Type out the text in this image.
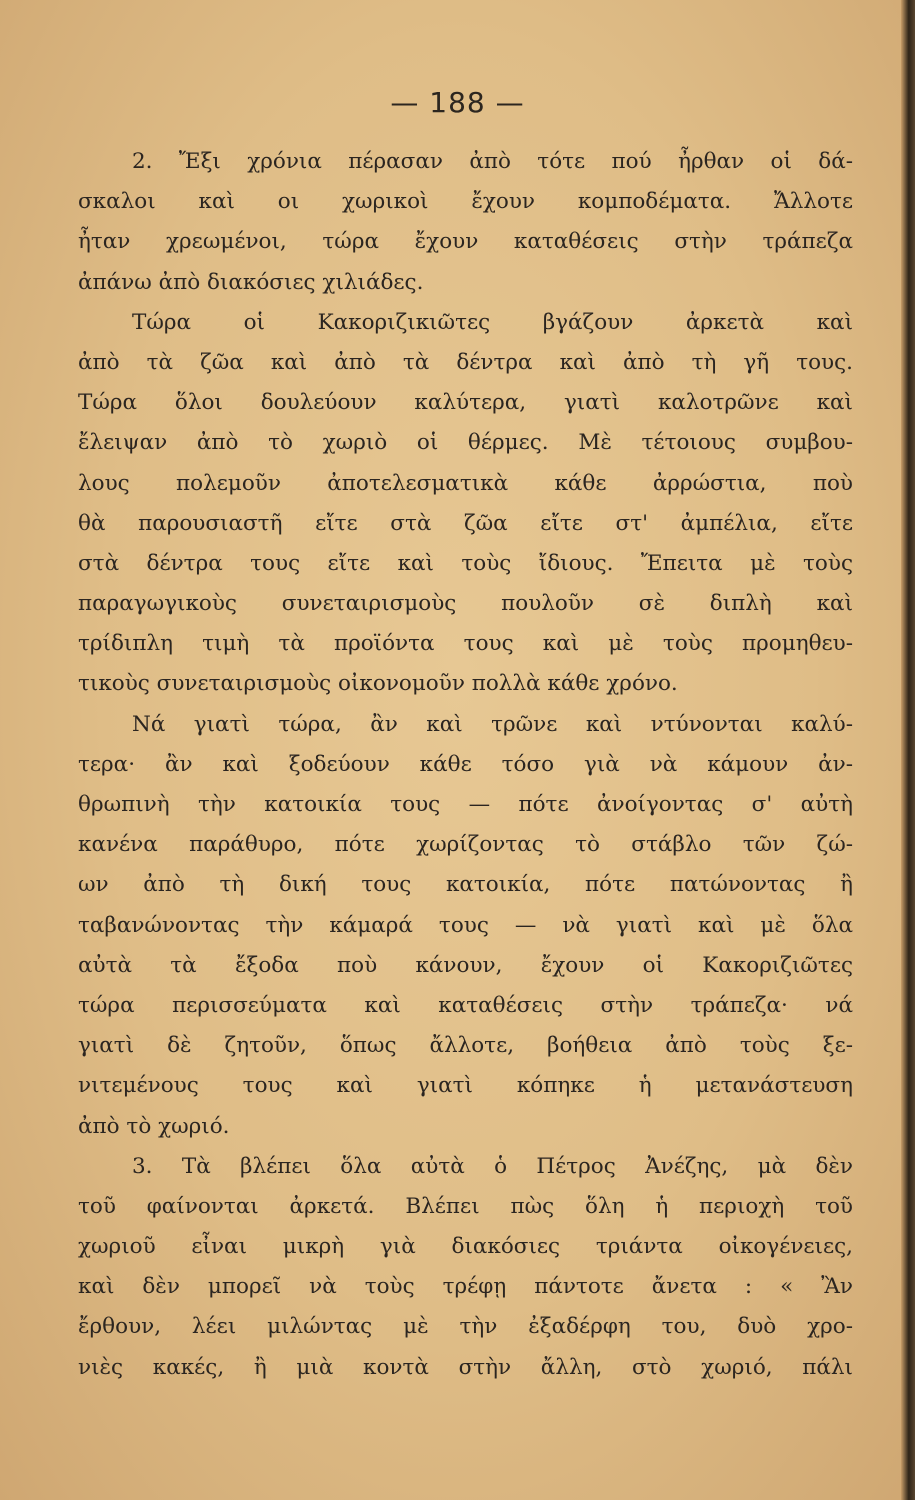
— 188 —
2. Ἔξι χρόνια πέρασαν ἀπὸ τότε πού ἦρθαν οἱ δά-
σκαλοι καὶ οι χωρικοὶ ἔχουν κομποδέματα. Ἄλλοτε
ἦταν χρεωμένοι, τώρα ἔχουν καταθέσεις στὴν τράπεζα
ἀπάνω ἀπὸ διακόσιες χιλιάδες.
Τώρα οἱ Κακοριζικιῶτες βγάζουν ἀρκετὰ καὶ
ἀπὸ τὰ ζῶα καὶ ἀπὸ τὰ δέντρα καὶ ἀπὸ τὴ γῆ τους.
Τώρα ὅλοι δουλεύουν καλύτερα, γιατὶ καλοτρῶνε καὶ
ἔλειψαν ἀπὸ τὸ χωριὸ οἱ θέρμες. Μὲ τέτοιους συμβου-
λους πολεμοῦν ἀποτελεσματικὰ κάθε ἀρρώστια, ποὺ
θὰ παρουσιαστῆ εἴτε στὰ ζῶα εἴτε στ' ἀμπέλια, εἴτε
στὰ δέντρα τους εἴτε καὶ τοὺς ἴδιους. Ἔπειτα μὲ τοὺς
παραγωγικοὺς συνεταιρισμοὺς πουλοῦν σὲ διπλὴ καὶ
τρίδιπλη τιμὴ τὰ προϊόντα τους καὶ μὲ τοὺς προμηθευ-
τικοὺς συνεταιρισμοὺς οἰκονομοῦν πολλὰ κάθε χρόνο.
Νά γιατὶ τώρα, ἂν καὶ τρῶνε καὶ ντύνονται καλύ-
τερα· ἂν καὶ ξοδεύουν κάθε τόσο γιὰ νὰ κάμουν ἀν-
θρωπινὴ τὴν κατοικία τους — πότε ἀνοίγοντας σ' αὐτὴ
κανένα παράθυρο, πότε χωρίζοντας τὸ στάβλο τῶν ζώ-
ων ἀπὸ τὴ δική τους κατοικία, πότε πατώνοντας ἢ
ταβανώνοντας τὴν κάμαρά τους — νὰ γιατὶ καὶ μὲ ὅλα
αὐτὰ τὰ ἔξοδα ποὺ κάνουν, ἔχουν οἱ Κακοριζιῶτες
τώρα περισσεύματα καὶ καταθέσεις στὴν τράπεζα· νά
γιατὶ δὲ ζητοῦν, ὅπως ἄλλοτε, βοήθεια ἀπὸ τοὺς ξε-
νιτεμένους τους καὶ γιατὶ κόπηκε ἡ μετανάστευση
ἀπὸ τὸ χωριό.
3. Τὰ βλέπει ὅλα αὐτὰ ὁ Πέτρος Ἀνέζης, μὰ δὲν
τοῦ φαίνονται ἀρκετά. Βλέπει πὼς ὅλη ἡ περιοχὴ τοῦ
χωριοῦ εἶναι μικρὴ γιὰ διακόσιες τριάντα οἰκογένειες,
καὶ δὲν μπορεῖ νὰ τοὺς τρέφῃ πάντοτε ἄνετα : « Ἂν
ἔρθουν, λέει μιλώντας μὲ τὴν ἐξαδέρφη του, δυὸ χρο-
νιὲς κακές, ἢ μιὰ κοντὰ στὴν ἄλλη, στὸ χωριό, πάλι
